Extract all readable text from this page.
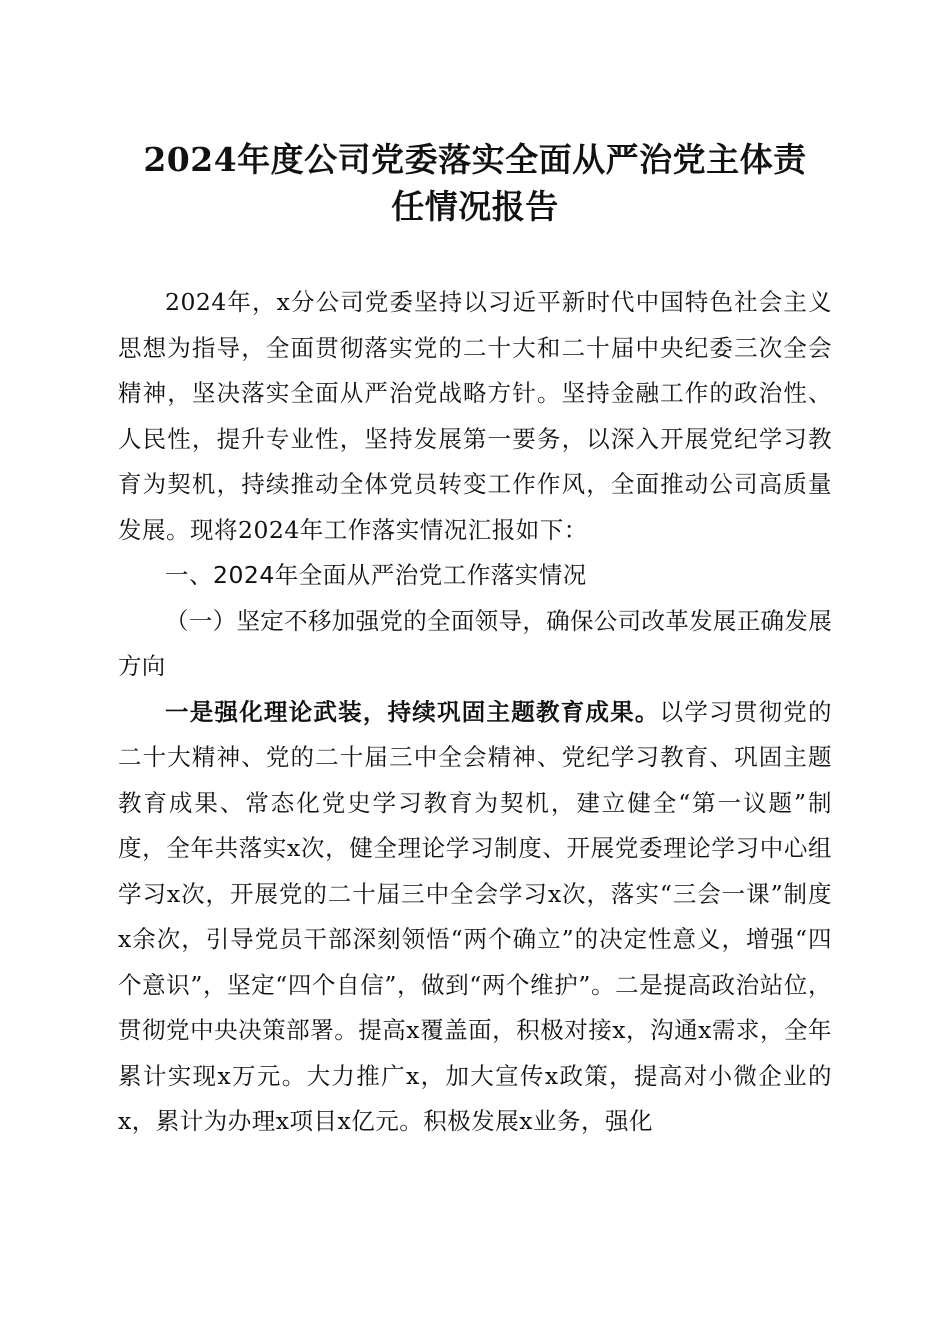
2024年度公司党委落实全面从严治党主体责
任情况报告

2024年，x分公司党委坚持以习近平新时代中国特色社会主义思想为指导，全面贯彻落实党的二十大和二十届中央纪委三次全会精神，坚决落实全面从严治党战略方针。坚持金融工作的政治性、人民性，提升专业性，坚持发展第一要务，以深入开展党纪学习教育为契机，持续推动全体党员转变工作作风，全面推动公司高质量发展。现将2024年工作落实情况汇报如下：

一、2024年全面从严治党工作落实情况

（一）坚定不移加强党的全面领导，确保公司改革发展正确发展方向

一是强化理论武装，持续巩固主题教育成果。以学习贯彻党的二十大精神、党的二十届三中全会精神、党纪学习教育、巩固主题教育成果、常态化党史学习教育为契机，建立健全“第一议题”制度，全年共落实x次，健全理论学习制度、开展党委理论学习中心组学习x次，开展党的二十届三中全会学习x次，落实“三会一课”制度x余次，引导党员干部深刻领悟“两个确立”的决定性意义，增强“四个意识”，坚定“四个自信”，做到“两个维护”。二是提高政治站位，贯彻党中央决策部署。提高x覆盖面，积极对接x，沟通x需求，全年累计实现x万元。大力推广x，加大宣传x政策，提高对小微企业的x，累计为办理x项目x亿元。积极发展x业务，强化
